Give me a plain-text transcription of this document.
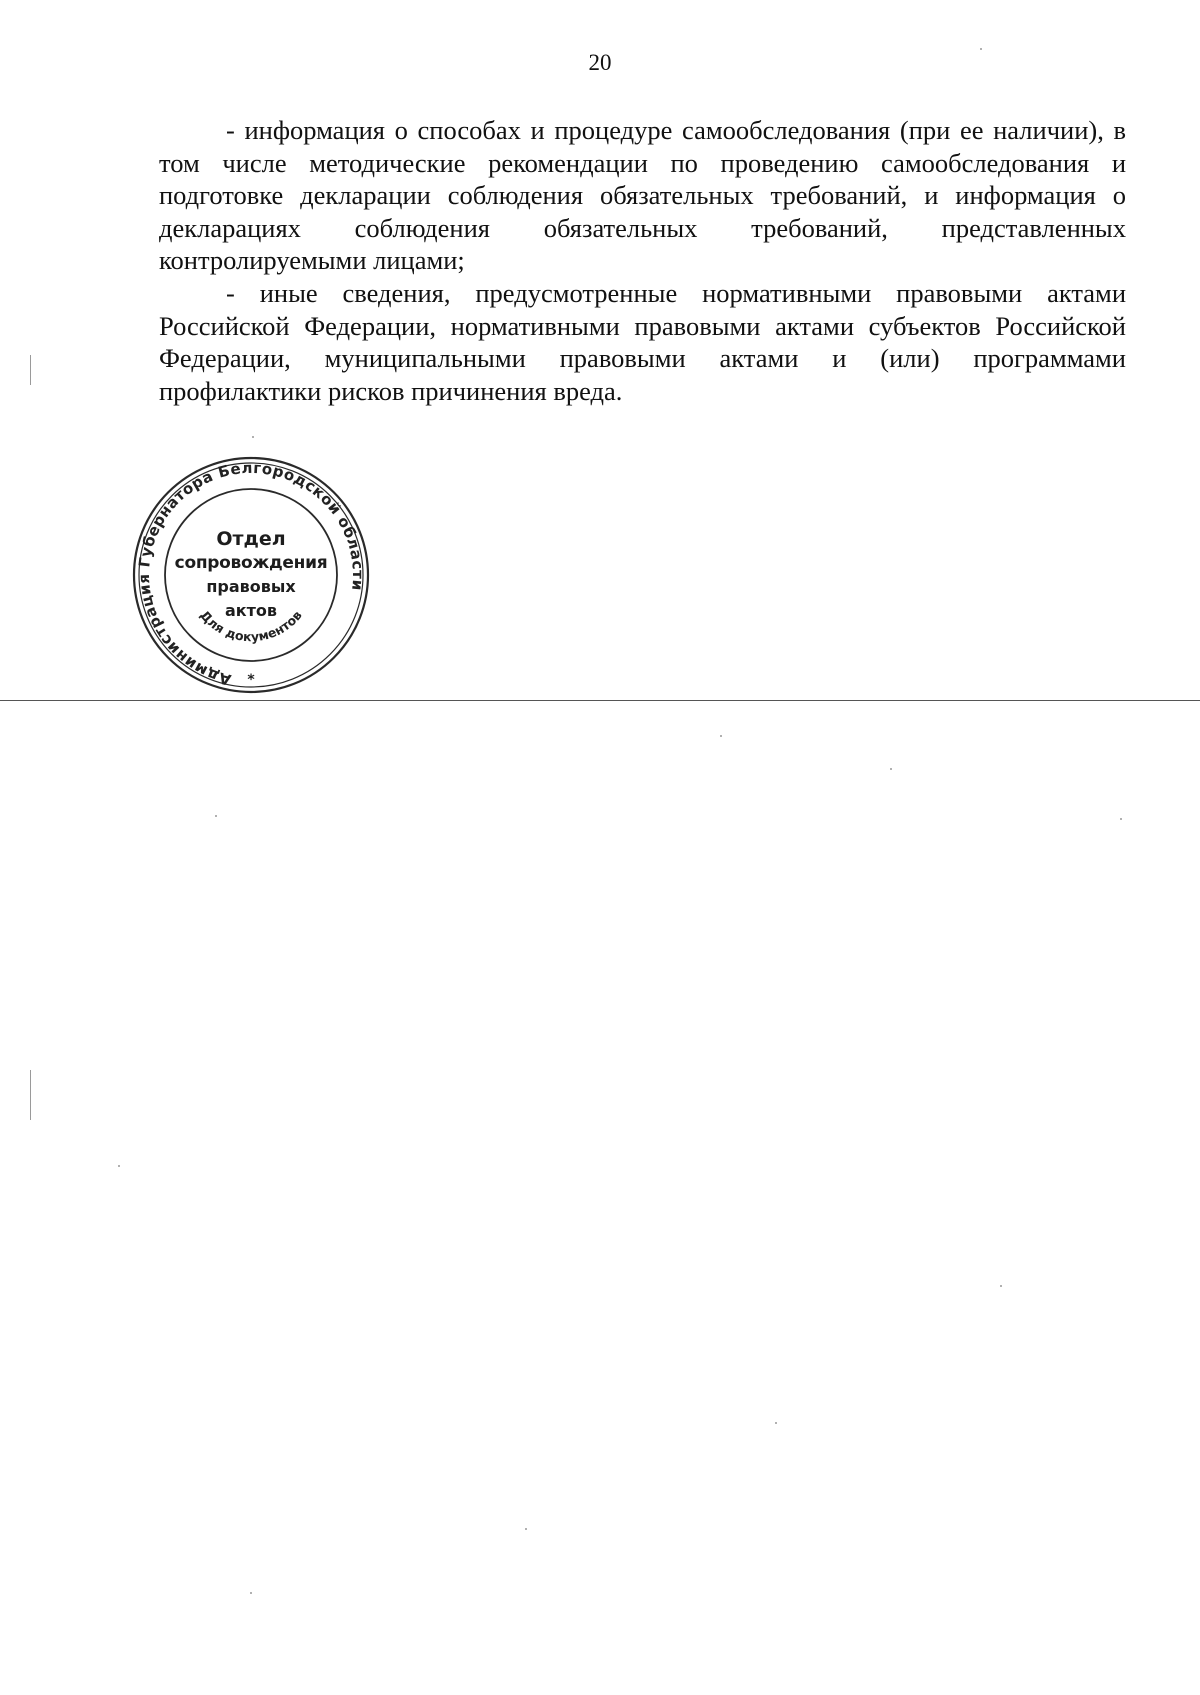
20

- информация о способах и процедуре самообследования (при ее наличии), в том числе методические рекомендации по проведению самообследования и подготовке декларации соблюдения обязательных требований, и информация о декларациях соблюдения обязательных требований, представленных контролируемыми лицами;

- иные сведения, предусмотренные нормативными правовыми актами Российской Федерации, нормативными правовыми актами субъектов Российской Федерации, муниципальными правовыми актами и (или) программами профилактики рисков причинения вреда.

Администрация Губернатора Белгородской области
Для документов
*
Отдел
сопровождения
правовых
актов
